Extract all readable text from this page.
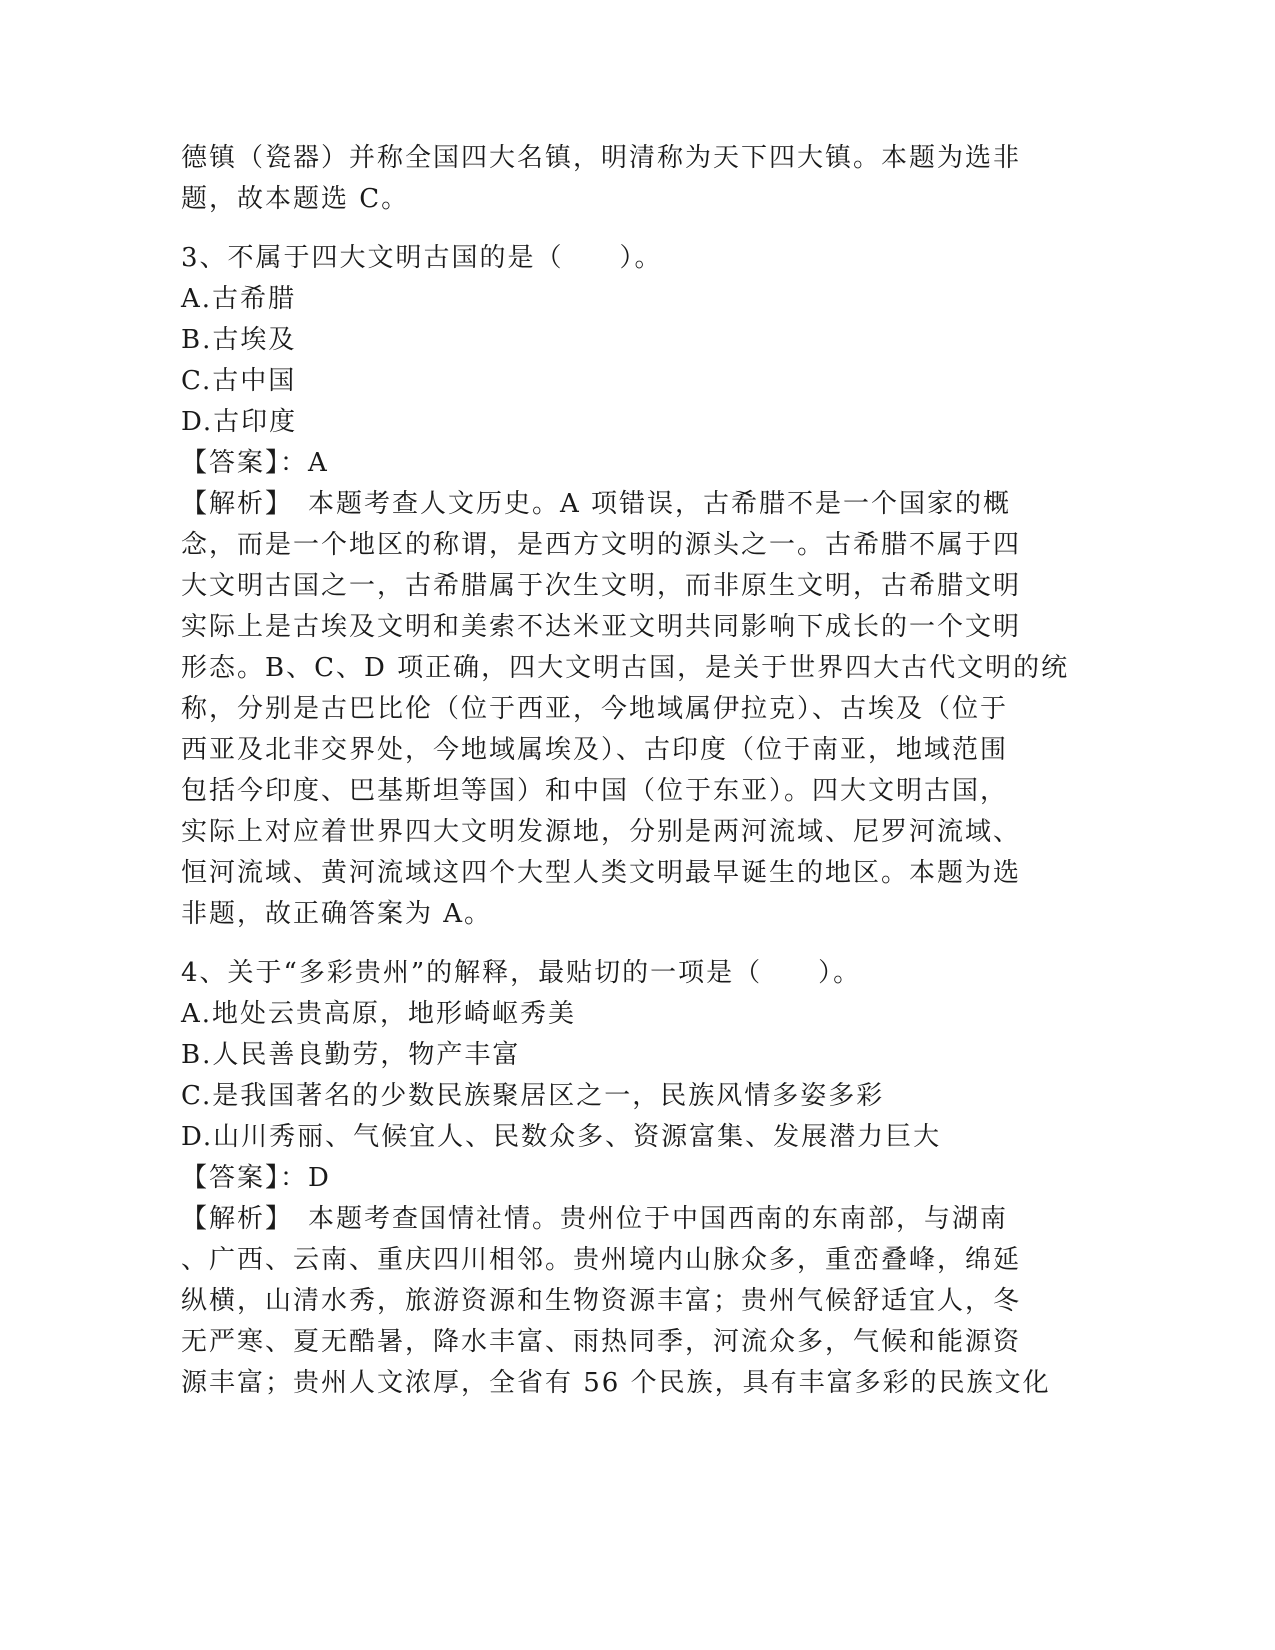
德镇（瓷器）并称全国四大名镇，明清称为天下四大镇。本题为选非
题，故本题选 C。
3、不属于四大文明古国的是（　　）。
A.古希腊
B.古埃及
C.古中国
D.古印度
【答案】：A
【解析】　本题考查人文历史。A 项错误，古希腊不是一个国家的概
念，而是一个地区的称谓，是西方文明的源头之一。古希腊不属于四
大文明古国之一，古希腊属于次生文明，而非原生文明，古希腊文明
实际上是古埃及文明和美索不达米亚文明共同影响下成长的一个文明
形态。B、C、D 项正确，四大文明古国，是关于世界四大古代文明的统
称，分别是古巴比伦（位于西亚，今地域属伊拉克）、古埃及（位于
西亚及北非交界处，今地域属埃及）、古印度（位于南亚，地域范围
包括今印度、巴基斯坦等国）和中国（位于东亚）。四大文明古国，
实际上对应着世界四大文明发源地，分别是两河流域、尼罗河流域、
恒河流域、黄河流域这四个大型人类文明最早诞生的地区。本题为选
非题，故正确答案为 A。
4、关于“多彩贵州”的解释，最贴切的一项是（　　）。
A.地处云贵高原，地形崎岖秀美
B.人民善良勤劳，物产丰富
C.是我国著名的少数民族聚居区之一，民族风情多姿多彩
D.山川秀丽、气候宜人、民数众多、资源富集、发展潜力巨大
【答案】：D
【解析】　本题考查国情社情。贵州位于中国西南的东南部，与湖南
、广西、云南、重庆四川相邻。贵州境内山脉众多，重峦叠峰，绵延
纵横，山清水秀，旅游资源和生物资源丰富；贵州气候舒适宜人，冬
无严寒、夏无酷暑，降水丰富、雨热同季，河流众多，气候和能源资
源丰富；贵州人文浓厚，全省有 56 个民族，具有丰富多彩的民族文化
